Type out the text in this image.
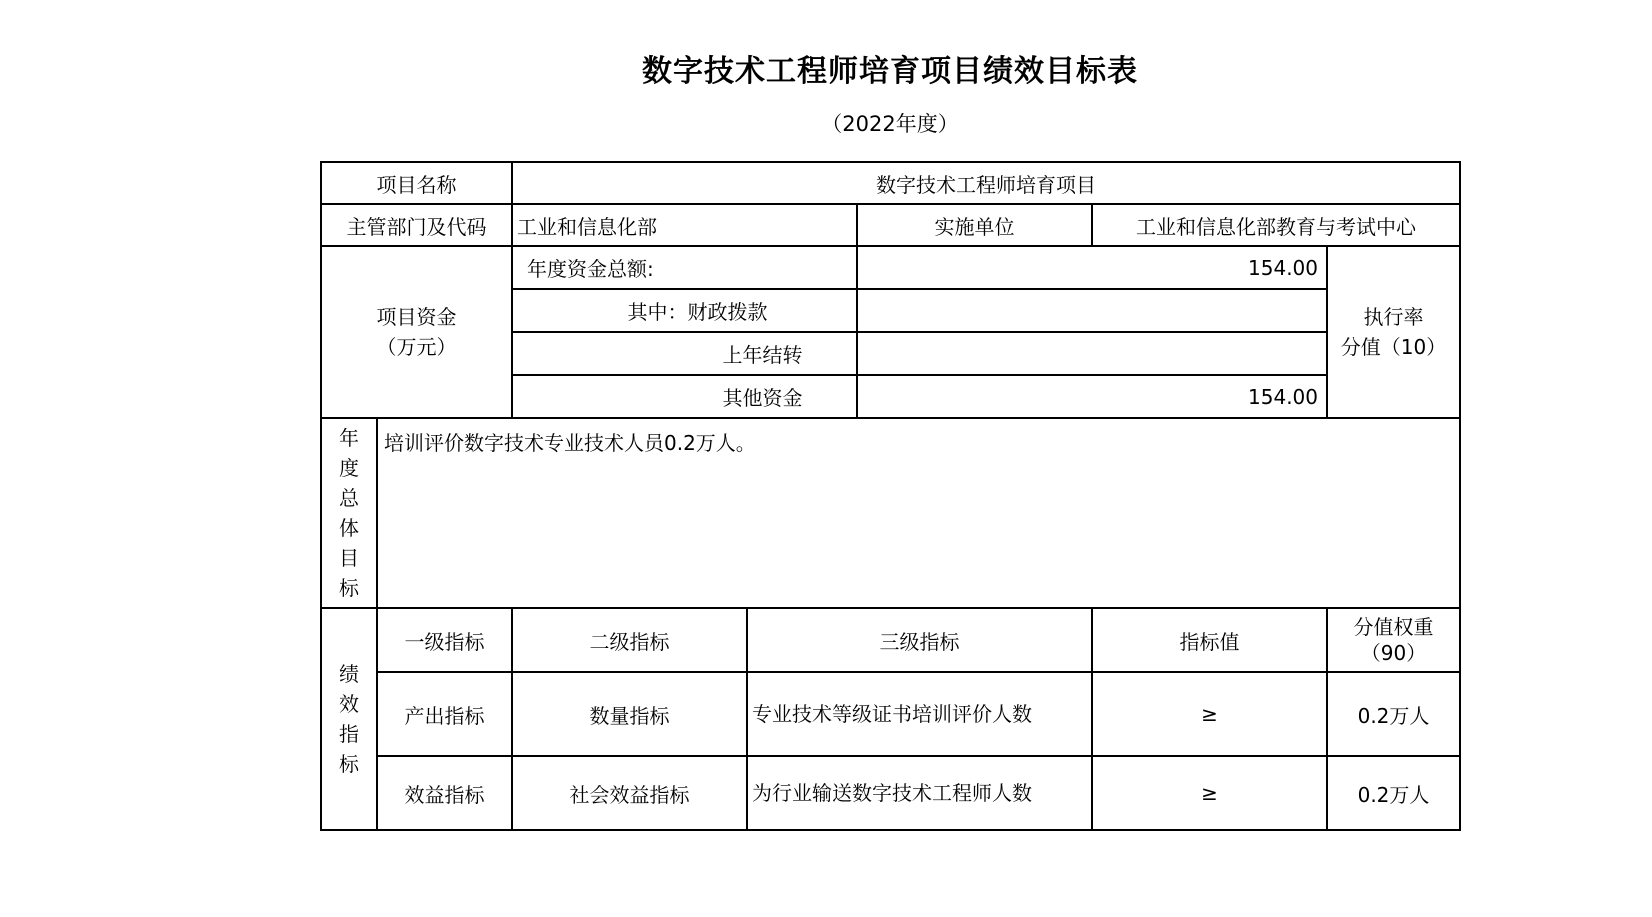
数字技术工程师培育项目绩效目标表
（2022年度）
项目名称		数字技术工程师培育项目				
主管部门及代码		工业和信息化部		实施单位	工业和信息化部教育与考试中心	
项目资金
（万元）		年度资金总额:		154.00		执行率
分值（10）
		其中：财政拨款				
		上年结转				
		其他资金		154.00		
年度总体目标	培训评价数字技术专业技术人员0.2万人。					
绩效指标	一级指标	二级指标	三级指标		指标值	分值权重
（90）
	产出指标	数量指标	专业技术等级证书培训评价人数		≥	0.2万人
	效益指标	社会效益指标	为行业输送数字技术工程师人数		≥	0.2万人
